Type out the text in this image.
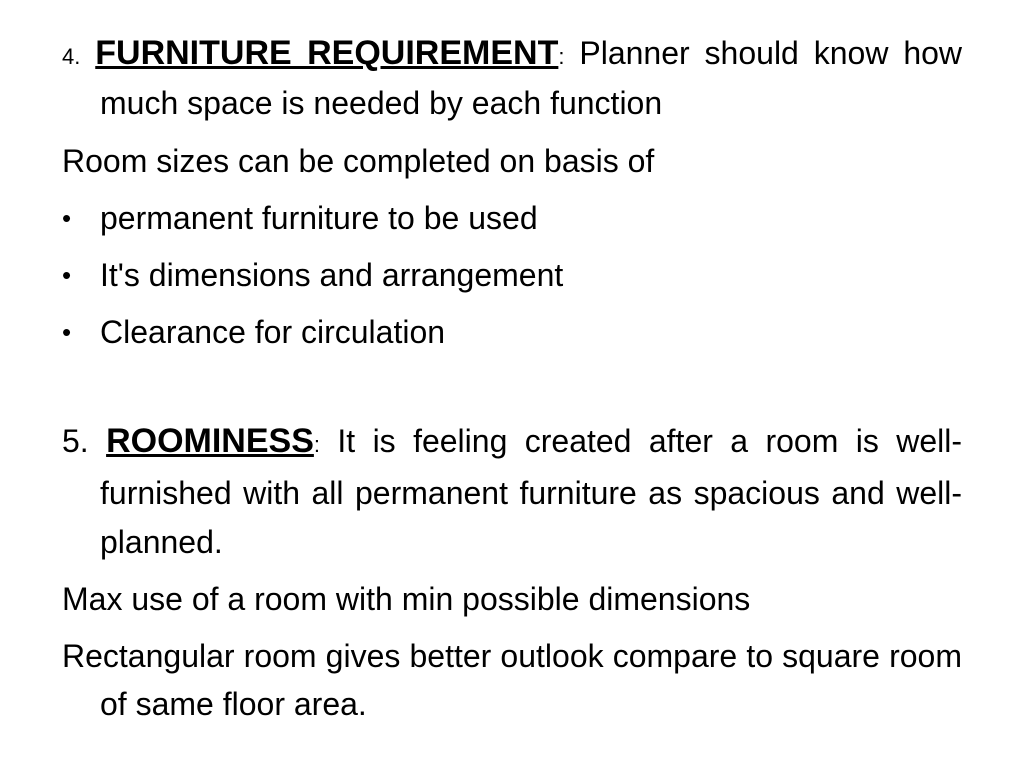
4. FURNITURE REQUIREMENT: Planner should know how much space is needed by each function
Room sizes can be completed on basis of
• permanent furniture to be used
• It's dimensions and arrangement
• Clearance for circulation
5. ROOMINESS: It is feeling created after a room is well- furnished with all permanent furniture as spacious and well- planned.
Max use of a room with min possible dimensions
Rectangular room gives better outlook compare to square room of same floor area.
